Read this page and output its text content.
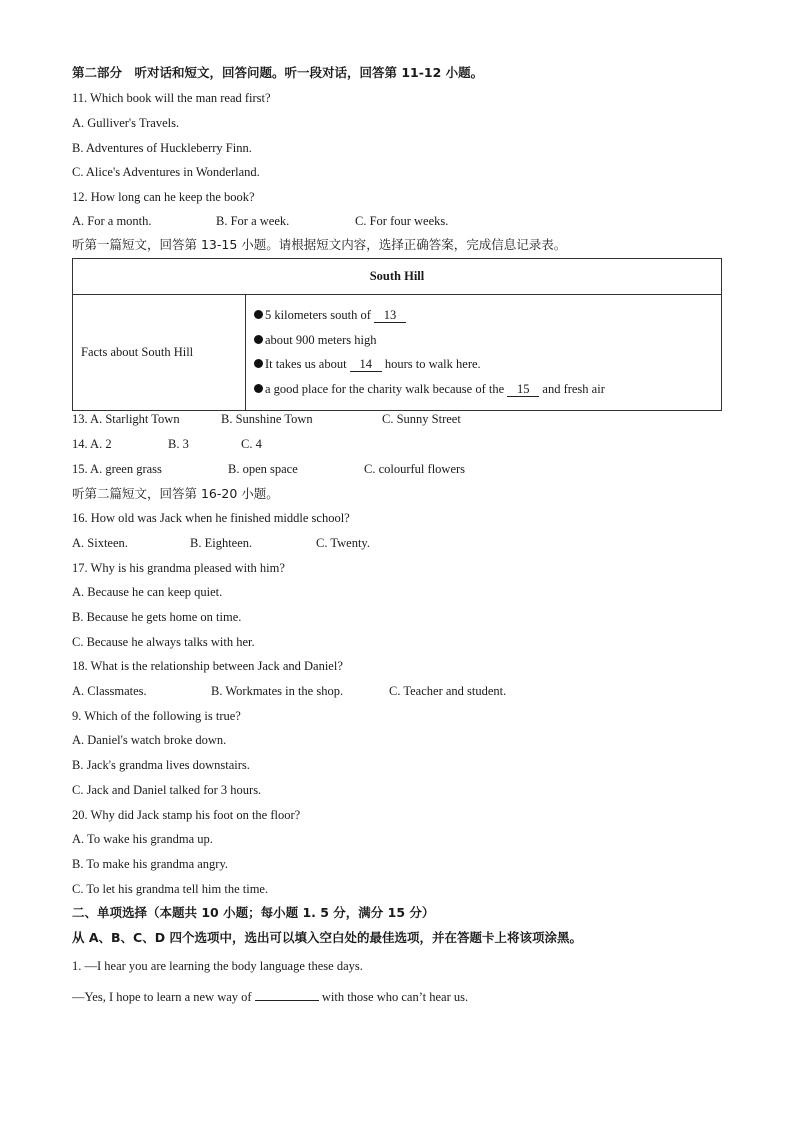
第二部分　听对话和短文，回答问题。听一段对话，回答第 11-12 小题。
11. Which book will the man read first?
A. Gulliver's Travels.
B. Adventures of Huckleberry Finn.
C. Alice's Adventures in Wonderland.
12. How long can he keep the book?
A. For a month.	B. For a week.	C. For four weeks.
听第一篇短文，回答第 13-15 小题。请根据短文内容，选择正确答案，完成信息记录表。
South Hill
Facts about South Hill	
5 kilometers south of 13
about 900 meters high
It takes us about 14 hours to walk here.
a good place for the charity walk because of the 15 and fresh air
13. A. Starlight Town	B. Sunshine Town	C. Sunny Street
14. A. 2	B. 3	C. 4
15. A. green grass	B. open space	C. colourful flowers
听第二篇短文，回答第 16-20 小题。
16. How old was Jack when he finished middle school?
A. Sixteen.	B. Eighteen.	C. Twenty.
17. Why is his grandma pleased with him?
A. Because he can keep quiet.
B. Because he gets home on time.
C. Because he always talks with her.
18. What is the relationship between Jack and Daniel?
A. Classmates.	B. Workmates in the shop.	C. Teacher and student.
9. Which of the following is true?
A. Daniel's watch broke down.
B. Jack's grandma lives downstairs.
C. Jack and Daniel talked for 3 hours.
20. Why did Jack stamp his foot on the floor?
A. To wake his grandma up.
B. To make his grandma angry.
C. To let his grandma tell him the time.
二、单项选择（本题共 10 小题；每小题 1. 5 分，满分 15 分）
从 A、B、C、D 四个选项中，选出可以填入空白处的最佳选项，并在答题卡上将该项涂黑。
1. —I hear you are learning the body language these days.
—Yes, I hope to learn a new way of	with those who can’t hear us.
